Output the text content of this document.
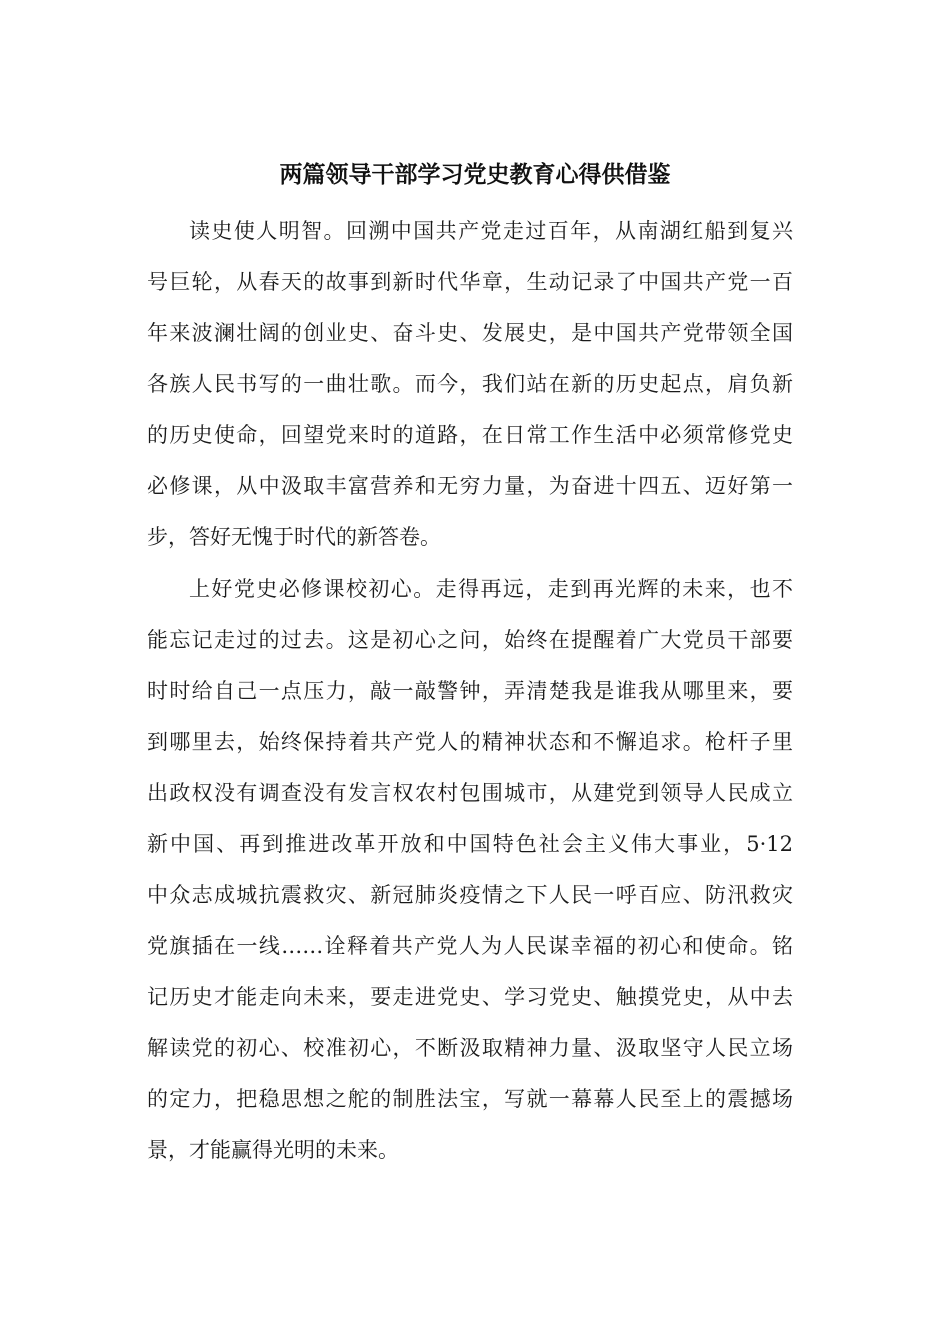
两篇领导干部学习党史教育心得供借鉴
读史使人明智。回溯中国共产党走过百年，从南湖红船到复兴
号巨轮，从春天的故事到新时代华章，生动记录了中国共产党一百
年来波澜壮阔的创业史、奋斗史、发展史，是中国共产党带领全国
各族人民书写的一曲壮歌。而今，我们站在新的历史起点，肩负新
的历史使命，回望党来时的道路，在日常工作生活中必须常修党史
必修课，从中汲取丰富营养和无穷力量，为奋进十四五、迈好第一
步，答好无愧于时代的新答卷。
上好党史必修课校初心。走得再远，走到再光辉的未来，也不
能忘记走过的过去。这是初心之问，始终在提醒着广大党员干部要
时时给自己一点压力，敲一敲警钟，弄清楚我是谁我从哪里来，要
到哪里去，始终保持着共产党人的精神状态和不懈追求。枪杆子里
出政权没有调查没有发言权农村包围城市，从建党到领导人民成立
新中国、再到推进改革开放和中国特色社会主义伟大事业，5·12
中众志成城抗震救灾、新冠肺炎疫情之下人民一呼百应、防汛救灾
党旗插在一线……诠释着共产党人为人民谋幸福的初心和使命。铭
记历史才能走向未来，要走进党史、学习党史、触摸党史，从中去
解读党的初心、校准初心，不断汲取精神力量、汲取坚守人民立场
的定力，把稳思想之舵的制胜法宝，写就一幕幕人民至上的震撼场
景，才能赢得光明的未来。
